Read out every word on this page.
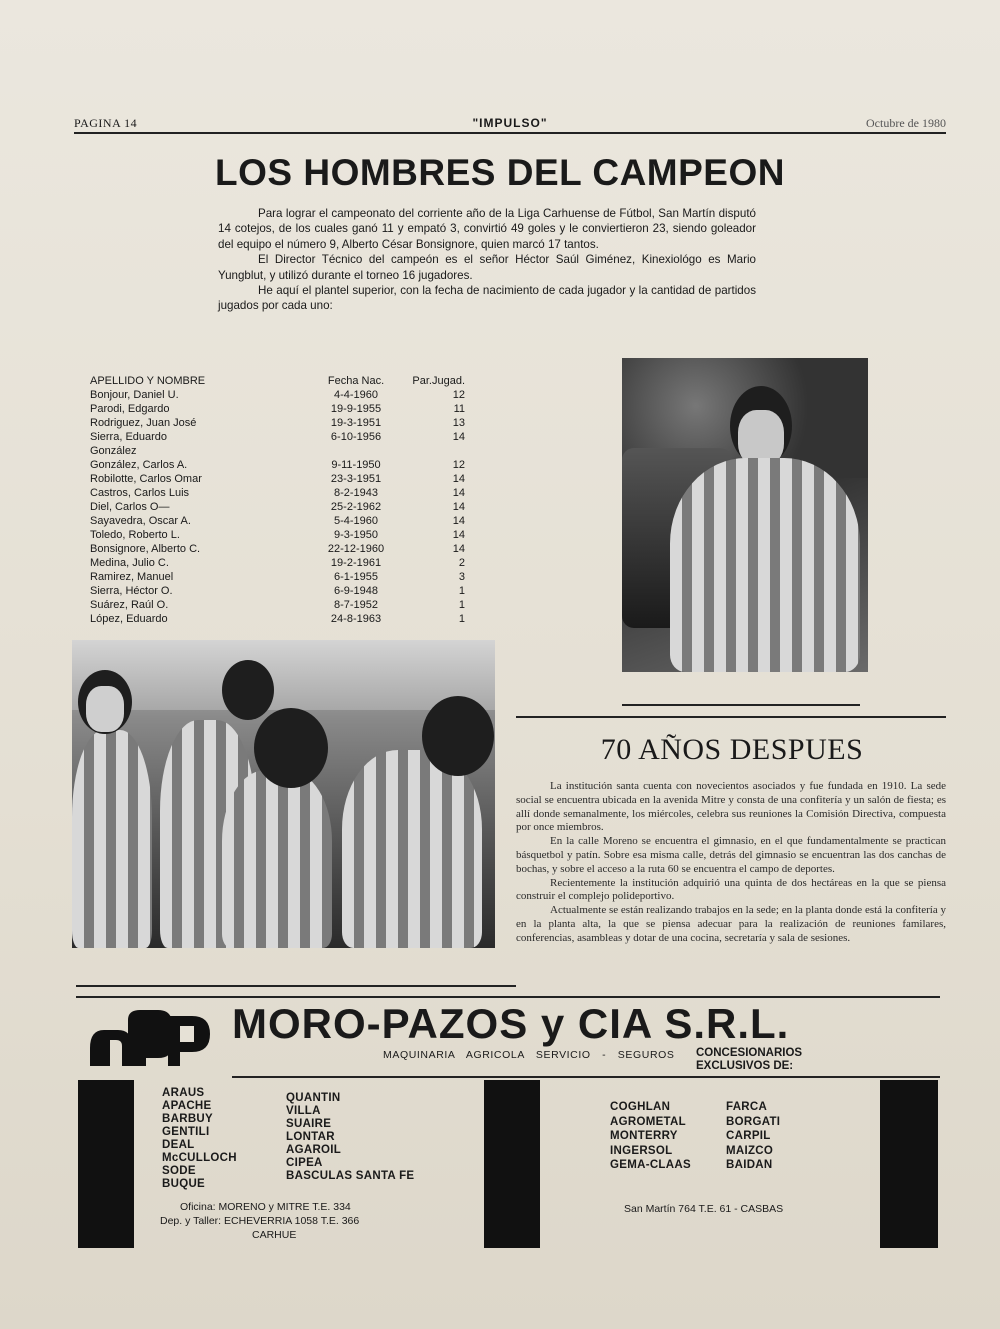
PAGINA 14	"IMPULSO"	Octubre de 1980
LOS HOMBRES DEL CAMPEON

Para lograr el campeonato del corriente año de la Liga Carhuense de Fútbol, San Martín disputó 14 cotejos, de los cuales ganó 11 y empató 3, convirtió 49 goles y le conviertieron 23, siendo goleador del equipo el número 9, Alberto César Bonsignore, quien marcó 17 tantos.

El Director Técnico del campeón es el señor Héctor Saúl Giménez, Kinexiológo es Mario Yungblut, y utilizó durante el torneo 16 jugadores.

He aquí el plantel superior, con la fecha de nacimiento de cada jugador y la cantidad de partidos jugados por cada uno:

APELLIDO Y NOMBRE	Fecha Nac.	Par.Jugad.
Bonjour, Daniel U.	4-4-1960	12
Parodi, Edgardo	19-9-1955	11
Rodriguez, Juan José	19-3-1951	13
Sierra, Eduardo	6-10-1956	14
González
González, Carlos A.	9-11-1950	12
Robilotte, Carlos Omar	23-3-1951	14
Castros, Carlos Luis	8-2-1943	14
Diel, Carlos O—	25-2-1962	14
Sayavedra, Oscar A.	5-4-1960	14
Toledo, Roberto L.	9-3-1950	14
Bonsignore, Alberto C.	22-12-1960	14
Medina, Julio C.	19-2-1961	2
Ramirez, Manuel	6-1-1955	3
Sierra, Héctor O.	6-9-1948	1
Suárez, Raúl O.	8-7-1952	1
López, Eduardo	24-8-1963	1
70 AÑOS DESPUES

La institución santa cuenta con novecientos asociados y fue fundada en 1910. La sede social se encuentra ubicada en la avenida Mitre y consta de una confitería y un salón de fiesta; es allí donde semanalmente, los miércoles, celebra sus reuniones la Comisión Directiva, compuesta por once miembros.

En la calle Moreno se encuentra el gimnasio, en el que fundamentalmente se practican básquetbol y patín. Sobre esa misma calle, detrás del gimnasio se encuentran las dos canchas de bochas, y sobre el acceso a la ruta 60 se encuentra el campo de deportes.

Recientemente la institución adquirió una quinta de dos hectáreas en la que se piensa construir el complejo polideportivo.

Actualmente se están realizando trabajos en la sede; en la planta donde está la confitería y en la planta alta, la que se piensa adecuar para la realización de reuniones familares, conferencias, asambleas y dotar de una cocina, secretaría y sala de sesiones.

MORO-PAZOS y CIA S.R.L.
MAQUINARIA AGRICOLA SERVICIO - SEGUROS CONCESIONARIOS
EXCLUSIVOS DE:
ARAUS
APACHE
BARBUY
GENTILI
DEAL
McCULLOCH
SODE
BUQUE
QUANTIN
VILLA
SUAIRE
LONTAR
AGAROIL
CIPEA
BASCULAS SANTA FE
COGHLAN
AGROMETAL
MONTERRY
INGERSOL
GEMA-CLAAS
FARCA
BORGATI
CARPIL
MAIZCO
BAIDAN
Oficina: MORENO y MITRE T.E. 334
Dep. y Taller: ECHEVERRIA 1058 T.E. 366
CARHUE
San Martín 764 T.E. 61 - CASBAS
